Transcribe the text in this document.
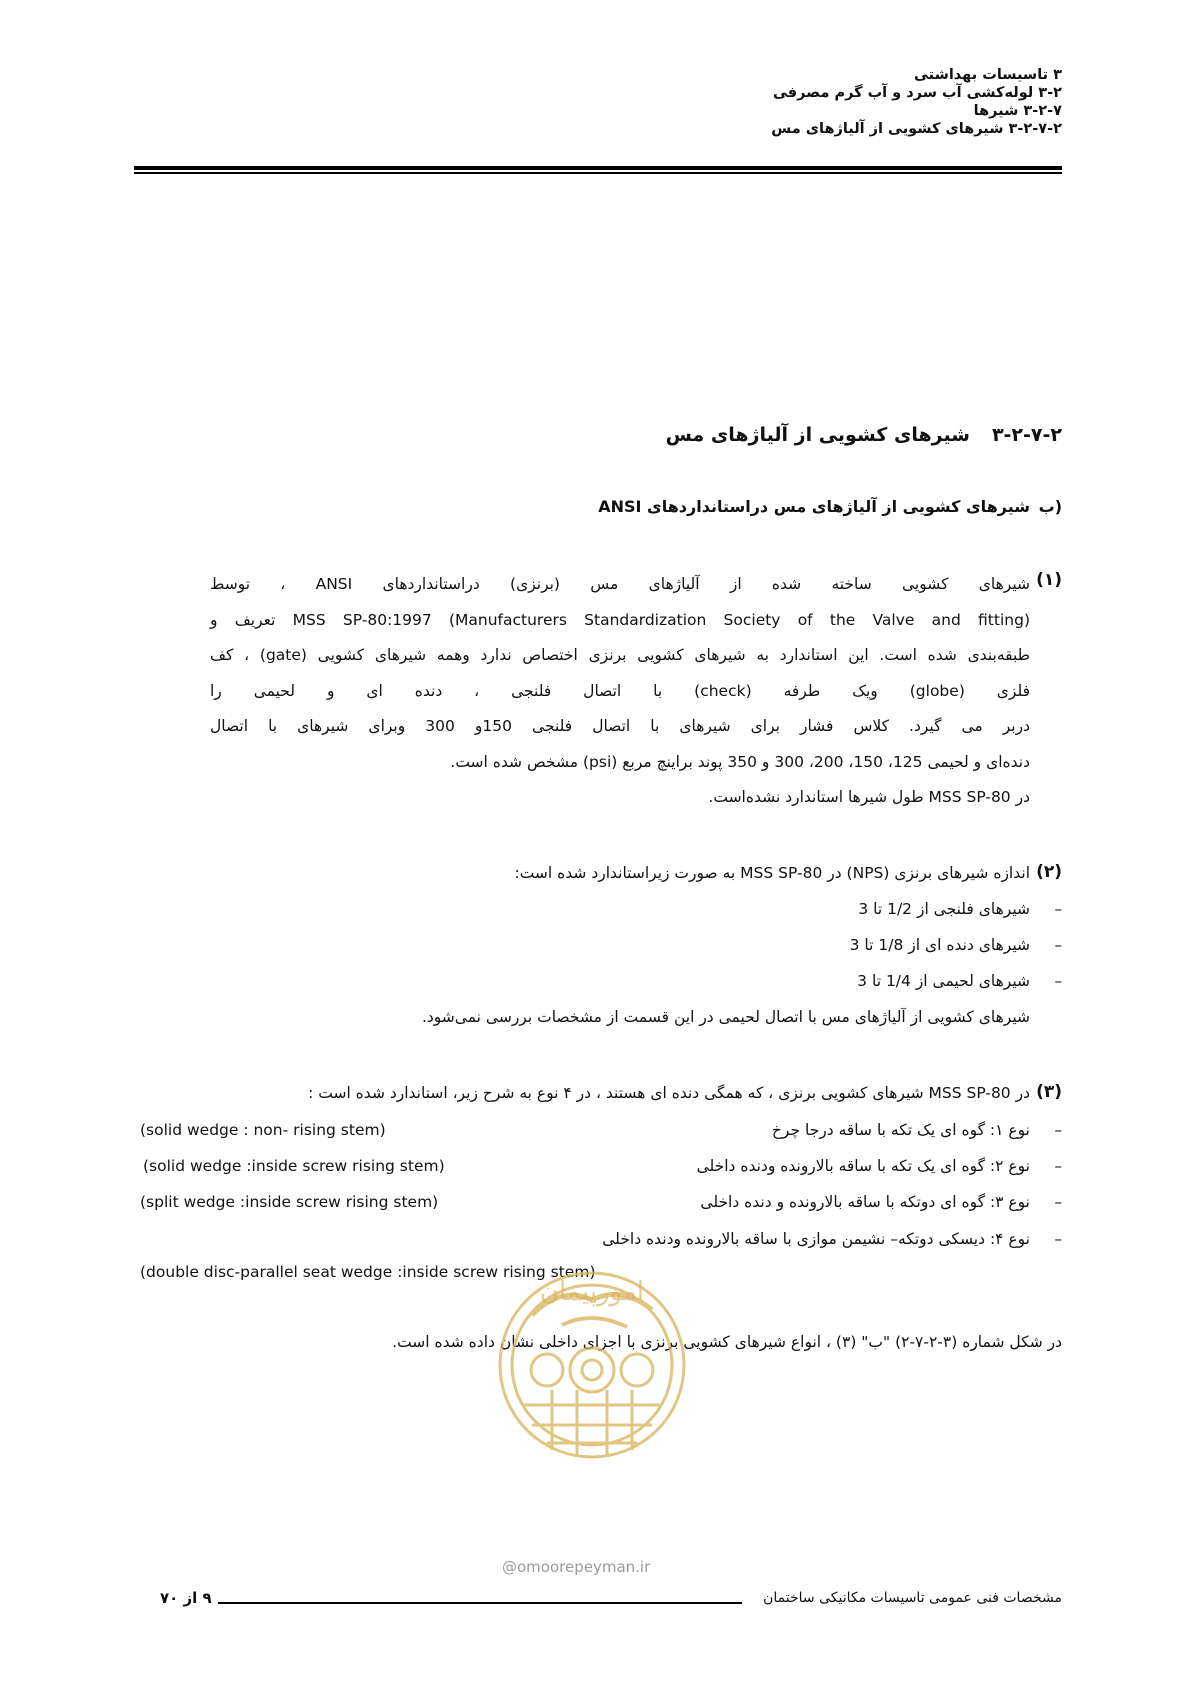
۳ تاسیسات بهداشتی
۳-۲ لوله‌کشی آب سرد و آب گرم مصرفی
۳-۲-۷ شیرها
۳-۲-۷-۲ شیرهای کشویی از آلیاژهای مس
۳-۲-۷-۲شیرهای کشویی از آلیاژهای مس
ب)
شیرهای کشویی از آلیاژهای مس دراستانداردهای ANSI
(۱)
شیرهای کشویی ساخته شده از آلیاژهای مس (برنزی) دراستانداردهای ANSI ، توسط
(Manufacturers Standardization Society of the Valve and fitting) MSS SP-80:1997 تعریف و
طبقه‌بندی شده است. این استاندارد به شیرهای کشویی برنزی اختصاص ندارد وهمه شیرهای کشویی (gate) ، کف
فلزی (globe) ویک طرفه (check) با اتصال فلنجی ، دنده ای و لحیمی را
دربر می گیرد. کلاس فشار برای شیرهای با اتصال فلنجی 150و 300 وبرای شیرهای با اتصال
دنده‌ای و لحیمی 125، 150، 200، 300 و 350 پوند براینچ مربع (psi) مشخص شده است.
در MSS SP-80 طول شیرها استاندارد نشده‌است.
(۲)
اندازه شیرهای برنزی (NPS) در MSS SP-80 به صورت زیراستاندارد شده است:
–
شیرهای فلنجی از 1/2 تا 3
–
شیرهای دنده ای از 1/8 تا 3
–
شیرهای لحیمی از 1/4 تا 3
شیرهای کشویی از آلیاژهای مس با اتصال لحیمی در این قسمت از مشخصات بررسی نمی‌شود.
(۳)
در MSS SP-80 شیرهای کشویی برنزی ، که همگی دنده ای هستند ، در ۴ نوع به شرح زیر، استاندارد شده است :
–
نوع ۱: گوه ای یک تکه با ساقه درجا چرخ
(solid wedge : non- rising stem)
–
نوع ۲: گوه ای یک تکه با ساقه بالارونده ودنده داخلی
(solid wedge :inside screw rising stem)
–
نوع ۳: گوه ای دوتکه با ساقه بالارونده و دنده داخلی
(split wedge :inside screw rising stem)
–
نوع ۴: دیسکی دوتکه– نشیمن موازی با ساقه بالارونده ودنده داخلی
(double disc-parallel seat wedge :inside screw rising stem)
در شکل شماره (۳-۲-۷-۲) "ب" (۳) ، انواع شیرهای کشویی برنزی با اجزای داخلی نشان داده شده است.
امورپیمان
@omoorepeyman.ir
مشخصات فنی عمومی تاسیسات مکانیکی ساختمان
۹ از ۷۰
